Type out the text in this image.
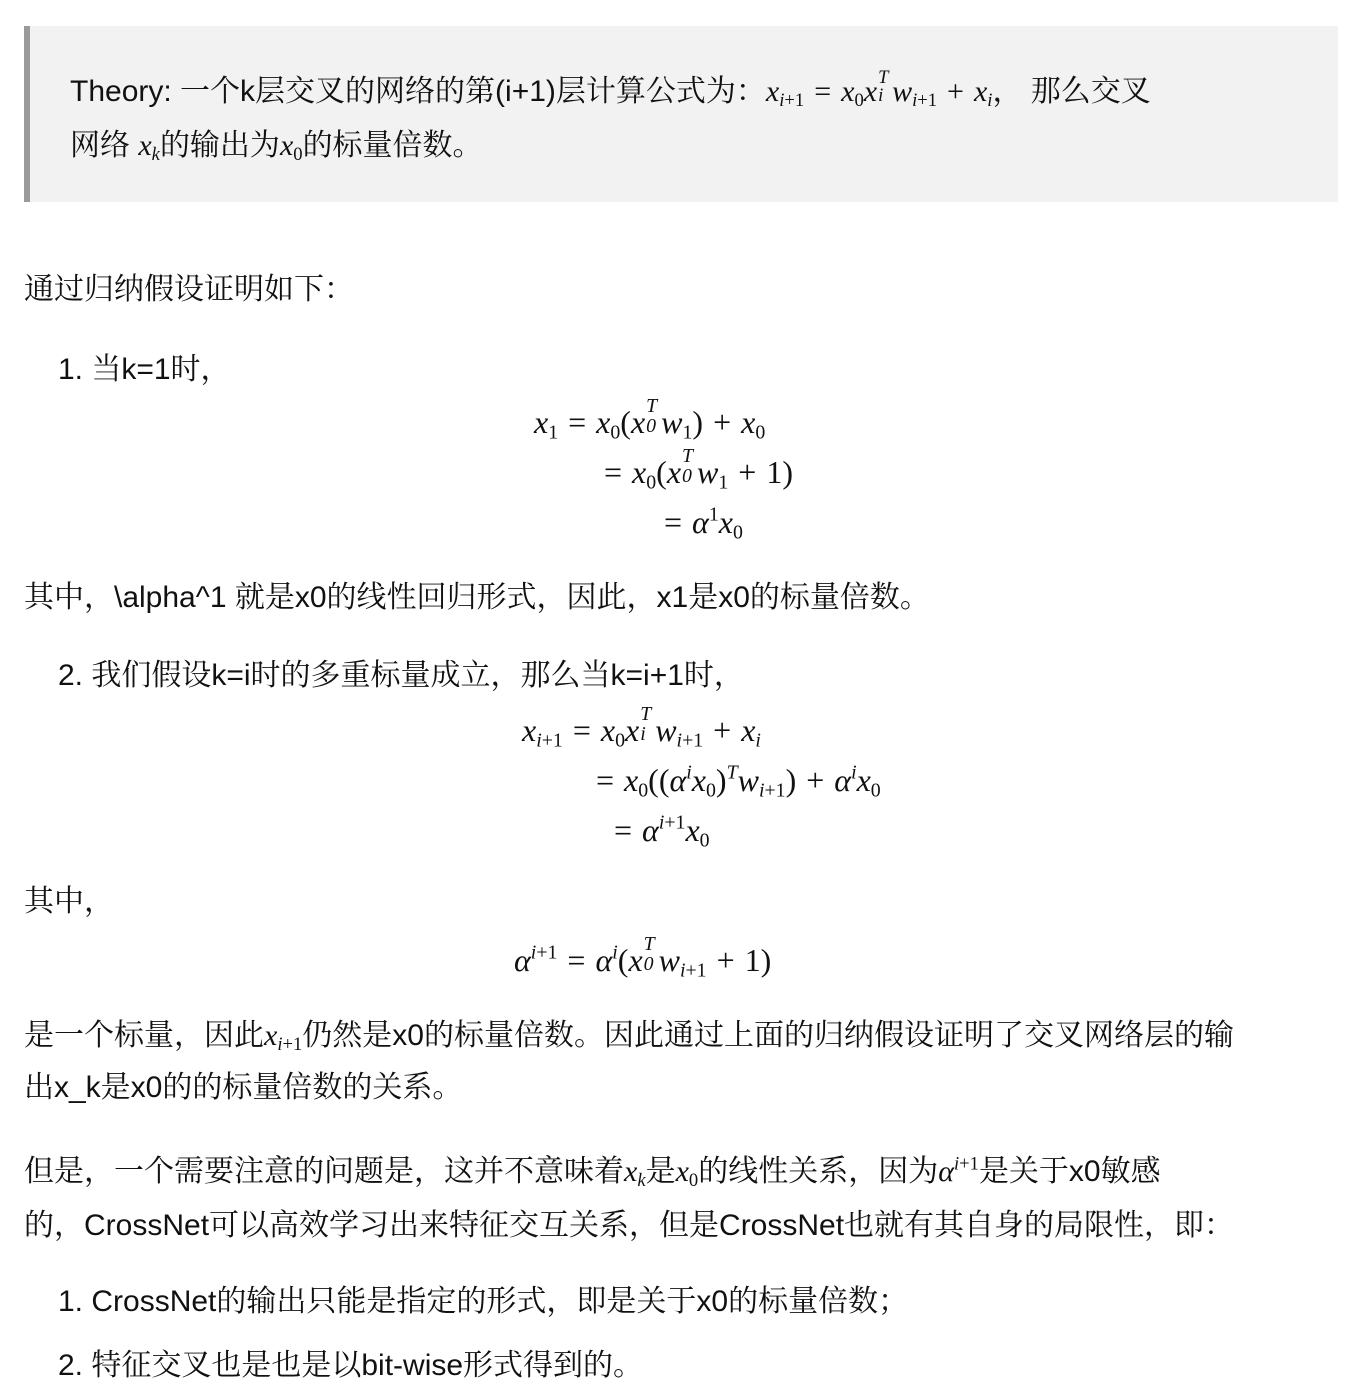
Theory: 一个k层交叉的网络的第(i+1)层计算公式为：$x_{i+1} = x_0x$ T
i $w_{i+1} + x_i$， 那么交叉
网络 $x_k$的输出为$x_0$的标量倍数。
通过归纳假设证明如下：
1. 当k=1时，
$x_1 = x_0(x$ T
0 $w_1) + x_0$
= $x_0(x$ T
0 $w_1 + 1$)
= $\alpha^1x_0$
其中，\alpha^1 就是x0的线性回归形式，因此，x1是x0的标量倍数。
2. 我们假设k=i时的多重标量成立，那么当k=i+1时，
$x_{i+1} = x_0x$ T
i $w_{i+1} + x_i$
= $x_0((\alpha^ix_0)^Tw_{i+1}) + \alpha^ix_0$
= $\alpha^{i+1}x_0$
其中，
$\alpha^{i+1} = \alpha^i(x$ T
0 $w_{i+1} + 1$)
是一个标量，因此$x_{i+1}$仍然是x0的标量倍数。因此通过上面的归纳假设证明了交叉网络层的输
出x_k是x0的的标量倍数的关系。
但是，一个需要注意的问题是，这并不意味着$x_k$是$x_0$的线性关系，因为$\alpha^{i+1}$是关于x0敏感
的，CrossNet可以高效学习出来特征交互关系，但是CrossNet也就有其自身的局限性，即：
1. CrossNet的输出只能是指定的形式，即是关于x0的标量倍数；
2. 特征交叉也是也是以bit-wise形式得到的。
